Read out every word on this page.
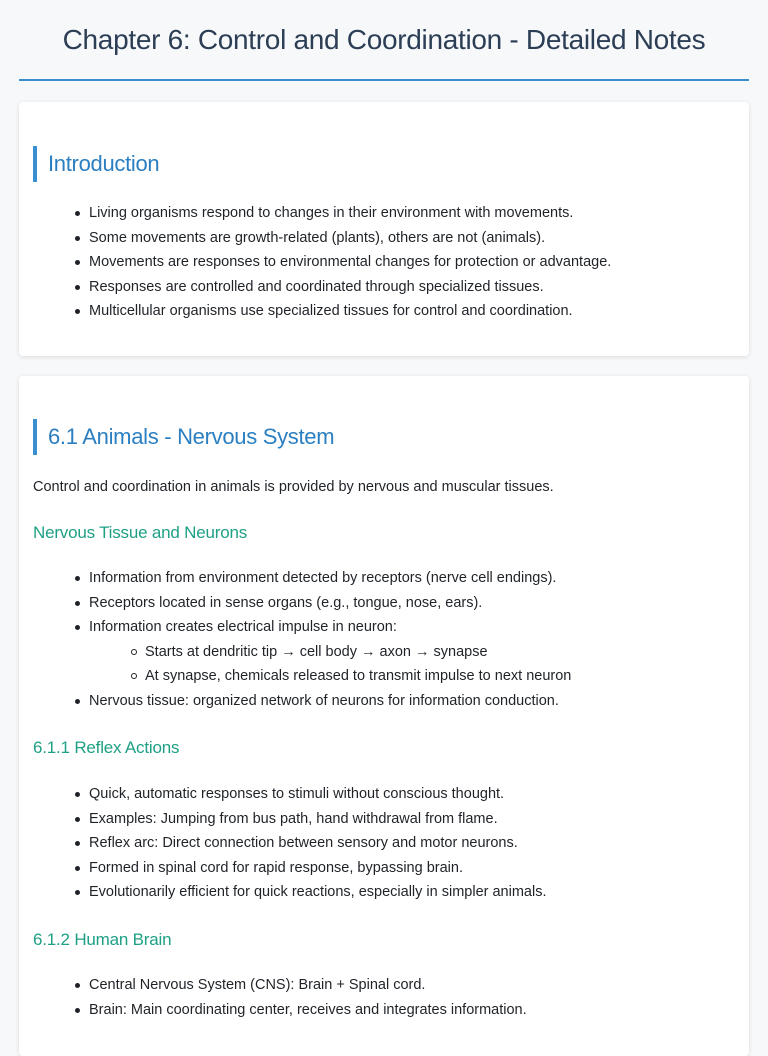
Chapter 6: Control and Coordination - Detailed Notes
Introduction
Living organisms respond to changes in their environment with movements.
Some movements are growth-related (plants), others are not (animals).
Movements are responses to environmental changes for protection or advantage.
Responses are controlled and coordinated through specialized tissues.
Multicellular organisms use specialized tissues for control and coordination.
6.1 Animals - Nervous System

Control and coordination in animals is provided by nervous and muscular tissues.

Nervous Tissue and Neurons
Information from environment detected by receptors (nerve cell endings).
Receptors located in sense organs (e.g., tongue, nose, ears).
Information creates electrical impulse in neuron:
Starts at dendritic tip → cell body → axon → synapse
At synapse, chemicals released to transmit impulse to next neuron
Nervous tissue: organized network of neurons for information conduction.
6.1.1 Reflex Actions
Quick, automatic responses to stimuli without conscious thought.
Examples: Jumping from bus path, hand withdrawal from flame.
Reflex arc: Direct connection between sensory and motor neurons.
Formed in spinal cord for rapid response, bypassing brain.
Evolutionarily efficient for quick reactions, especially in simpler animals.
6.1.2 Human Brain
Central Nervous System (CNS): Brain + Spinal cord.
Brain: Main coordinating center, receives and integrates information.
